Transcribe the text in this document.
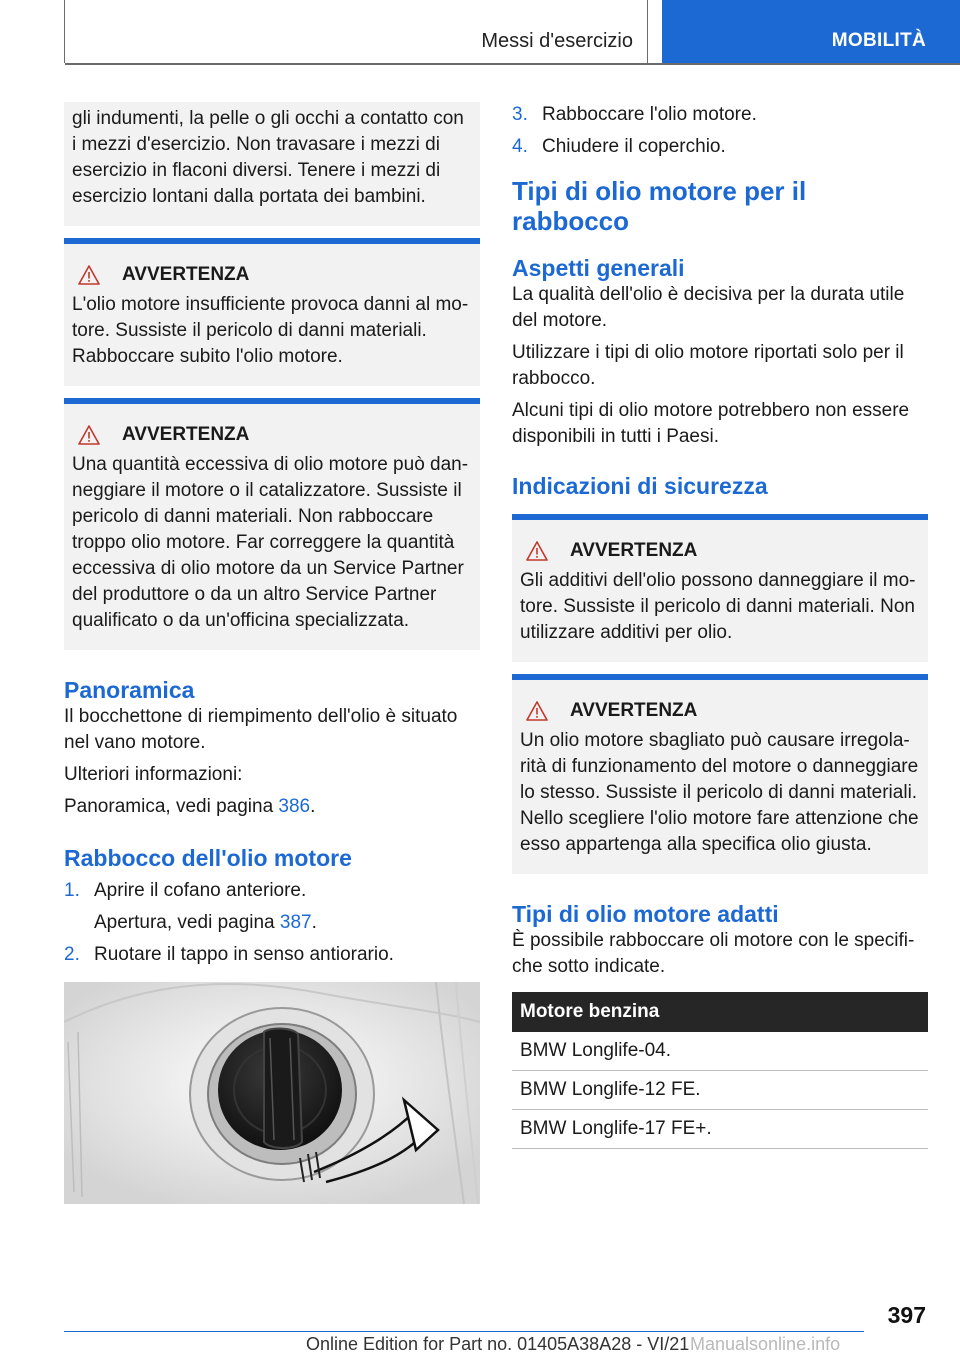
Messi d'esercizio	MOBILITÀ
gli indumenti, la pelle o gli occhi a contatto con i mezzi d'esercizio. Non travasare i mezzi di esercizio in flaconi diversi. Tenere i mezzi di esercizio lontani dalla portata dei bambini.
AVVERTENZA
L'olio motore insufficiente provoca danni al motore. Sussiste il pericolo di danni materiali. Rabboccare subito l'olio motore.
AVVERTENZA
Una quantità eccessiva di olio motore può danneggiare il motore o il catalizzatore. Sussiste il pericolo di danni materiali. Non rabboccare troppo olio motore. Far correggere la quantità eccessiva di olio motore da un Service Partner del produttore o da un altro Service Partner qualificato o da un'officina specializzata.
Panoramica

Il bocchettone di riempimento dell'olio è situato nel vano motore.

Ulteriori informazioni:

Panoramica, vedi pagina 386.

Rabbocco dell'olio motore
1. Aprire il cofano anteriore.
Apertura, vedi pagina 387.
2. Ruotare il tappo in senso antiorario.
3. Rabboccare l'olio motore.
4. Chiudere il coperchio.
Tipi di olio motore per il rabbocco
Aspetti generali

La qualità dell'olio è decisiva per la durata utile del motore.

Utilizzare i tipi di olio motore riportati solo per il rabbocco.

Alcuni tipi di olio motore potrebbero non essere disponibili in tutti i Paesi.

Indicazioni di sicurezza
AVVERTENZA
Gli additivi dell'olio possono danneggiare il motore. Sussiste il pericolo di danni materiali. Non utilizzare additivi per olio.
AVVERTENZA
Un olio motore sbagliato può causare irregolarità di funzionamento del motore o danneggiare lo stesso. Sussiste il pericolo di danni materiali. Nello scegliere l'olio motore fare attenzione che esso appartenga alla specifica olio giusta.
Tipi di olio motore adatti

È possibile rabboccare oli motore con le specifiche sotto indicate.

Motore benzina
BMW Longlife-04.
BMW Longlife-12 FE.
BMW Longlife-17 FE+.
397
Online Edition for Part no. 01405A38A28 - VI/21 Manualsonline.info
